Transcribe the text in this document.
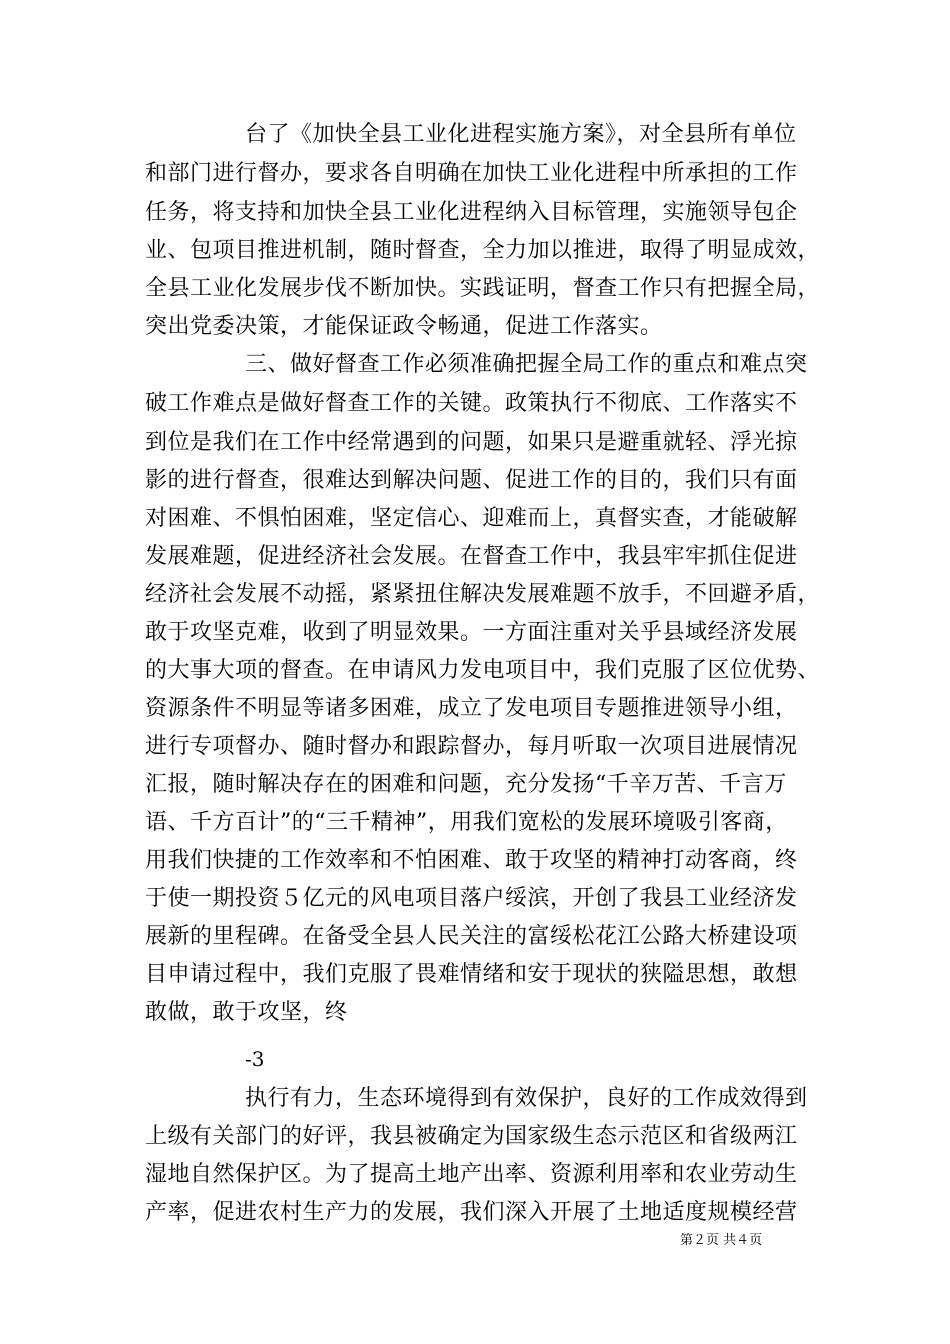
台了《加快全县工业化进程实施方案》，对全县所有单位
和部门进行督办，要求各自明确在加快工业化进程中所承担的工作
任务，将支持和加快全县工业化进程纳入目标管理，实施领导包企
业、包项目推进机制，随时督查，全力加以推进，取得了明显成效，
全县工业化发展步伐不断加快。实践证明，督查工作只有把握全局，
突出党委决策，才能保证政令畅通，促进工作落实。
三、做好督查工作必须准确把握全局工作的重点和难点突
破工作难点是做好督查工作的关键。政策执行不彻底、工作落实不
到位是我们在工作中经常遇到的问题，如果只是避重就轻、浮光掠
影的进行督查，很难达到解决问题、促进工作的目的，我们只有面
对困难、不惧怕困难，坚定信心、迎难而上，真督实查，才能破解
发展难题，促进经济社会发展。在督查工作中，我县牢牢抓住促进
经济社会发展不动摇，紧紧扭住解决发展难题不放手，不回避矛盾，
敢于攻坚克难，收到了明显效果。一方面注重对关乎县域经济发展
的大事大项的督查。在申请风力发电项目中，我们克服了区位优势、
资源条件不明显等诸多困难，成立了发电项目专题推进领导小组，
进行专项督办、随时督办和跟踪督办，每月听取一次项目进展情况
汇报，随时解决存在的困难和问题，充分发扬“千辛万苦、千言万
语、千方百计”的“三千精神”，用我们宽松的发展环境吸引客商，
用我们快捷的工作效率和不怕困难、敢于攻坚的精神打动客商，终
于使一期投资５亿元的风电项目落户绥滨，开创了我县工业经济发
展新的里程碑。在备受全县人民关注的富绥松花江公路大桥建设项
目申请过程中，我们克服了畏难情绪和安于现状的狭隘思想，敢想
敢做，敢于攻坚，终
-3
执行有力，生态环境得到有效保护，良好的工作成效得到
上级有关部门的好评，我县被确定为国家级生态示范区和省级两江
湿地自然保护区。为了提高土地产出率、资源利用率和农业劳动生
产率，促进农村生产力的发展，我们深入开展了土地适度规模经营
第２页 共４页
